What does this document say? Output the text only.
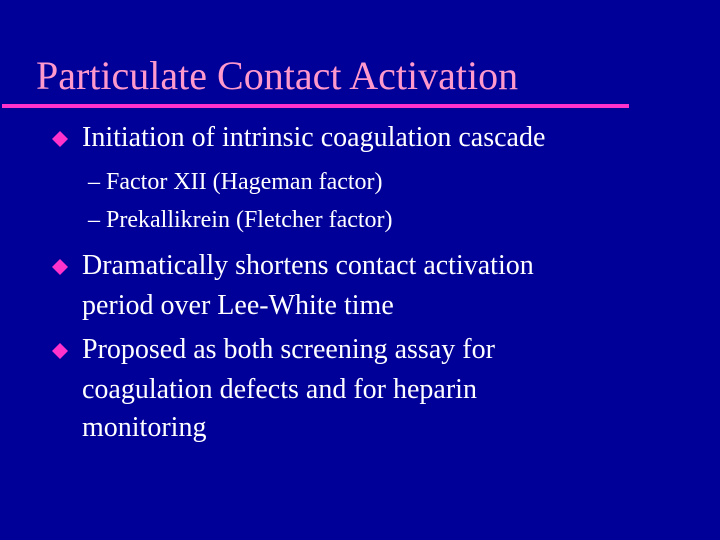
Particulate Contact Activation
Initiation of intrinsic coagulation cascade
– Factor XII (Hageman factor)
– Prekallikrein (Fletcher factor)
Dramatically shortens contact activation
period over Lee-White time
Proposed as both screening assay for
coagulation defects and for heparin
monitoring
